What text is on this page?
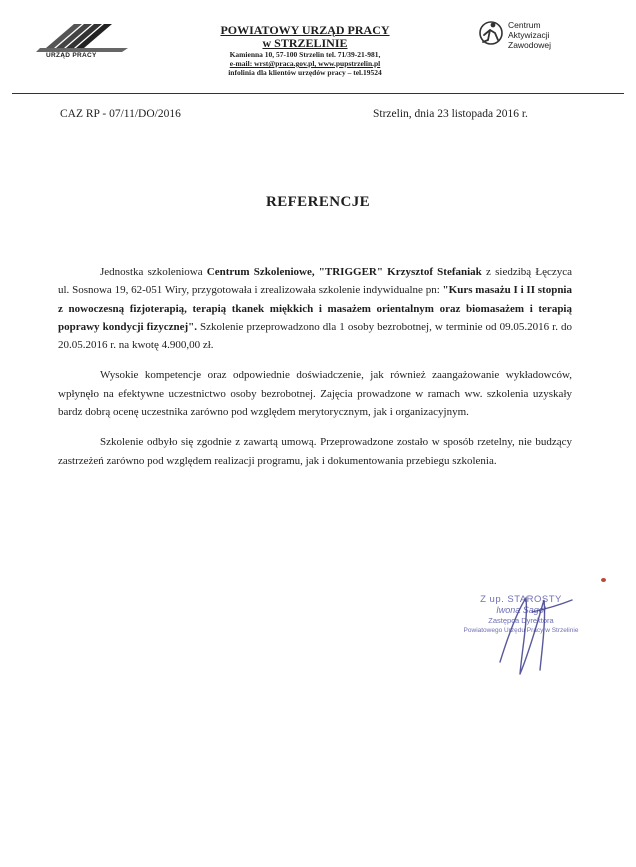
URZĄD PRACY
POWIATOWY URZĄD PRACY
w STRZELINIE
Kamienna 10, 57-100 Strzelin tel. 71/39-21-981,
e-mail: wrst@praca.gov.pl, www.pupstrzelin.pl
infolinia dla klientów urzędów pracy – tel.19524
Centrum
Aktywizacji
Zawodowej
CAZ RP - 07/11/DO/2016	Strzelin, dnia 23 listopada 2016 r.
REFERENCJE

Jednostka szkoleniowa Centrum Szkoleniowe, "TRIGGER" Krzysztof Stefaniak z siedzibą Łęczyca ul. Sosnowa 19, 62-051 Wiry, przygotowała i zrealizowała szkolenie indywidualne pn: "Kurs masażu I i II stopnia z nowoczesną fizjoterapią, terapią tkanek miękkich i masażem orientalnym oraz biomasażem i terapią poprawy kondycji fizycznej". Szkolenie przeprowadzono dla 1 osoby bezrobotnej, w terminie od 09.05.2016 r. do 20.05.2016 r. na kwotę 4.900,00 zł.

Wysokie kompetencje oraz odpowiednie doświadczenie, jak również zaangażowanie wykładowców, wpłynęło na efektywne uczestnictwo osoby bezrobotnej. Zajęcia prowadzone w ramach ww. szkolenia uzyskały bardz dobrą ocenę uczestnika zarówno pod względem merytorycznym, jak i organizacyjnym.

Szkolenie odbyło się zgodnie z zawartą umową. Przeprowadzone zostało w sposób rzetelny, nie budzący zastrzeżeń zarówno pod względem realizacji programu, jak i dokumentowania przebiegu szkolenia.

Z up. STAROSTY
Iwona Sagol
Zastępca Dyrektora
Powiatowego Urzędu Pracy w Strzelinie
